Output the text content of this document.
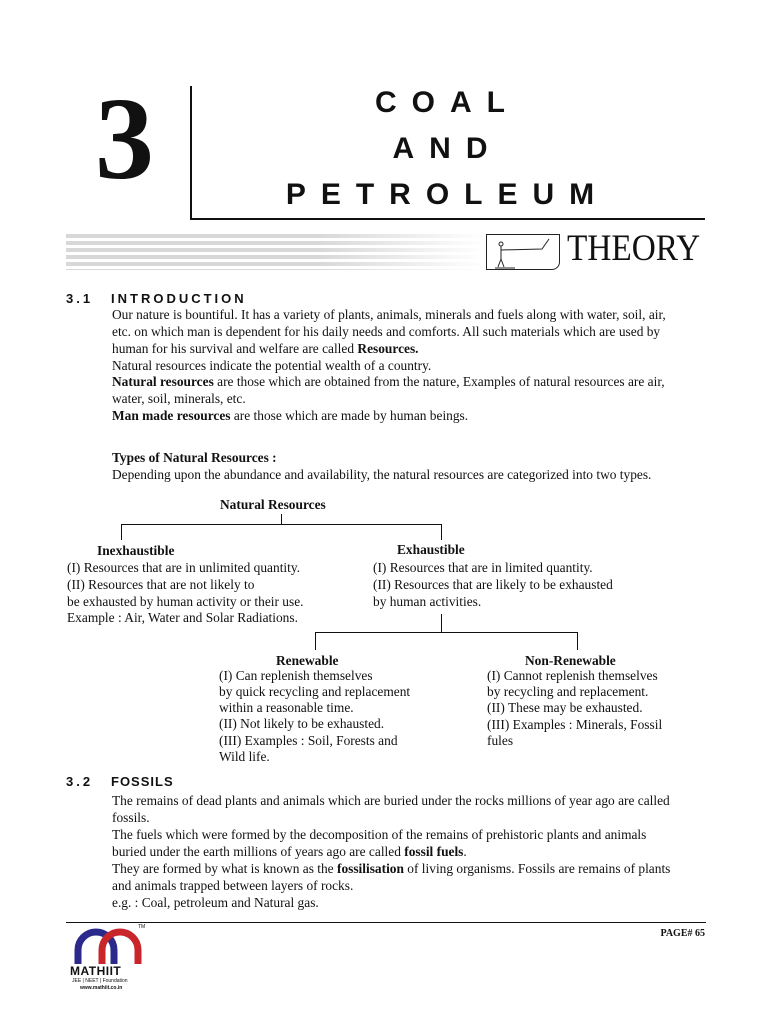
3	COAL
AND
PETROLEUM
THEORY
3.1 INTRODUCTION
Our nature is bountiful. It has a variety of plants, animals, minerals and fuels along with water, soil, air,
etc. on which man is dependent for his daily needs and comforts. All such materials which are used by
human for his survival and welfare are called Resources.
Natural resources indicate the potential wealth of a country.
Natural resources are those which are obtained from the nature, Examples of natural resources are air,
water, soil, minerals, etc.
Man made resources are those which are made by human beings.
Types of Natural Resources :
Depending upon the abundance and availability, the natural resources are categorized into two types.
Natural Resources
Inexhaustible	Exhaustible
(I) Resources that are in unlimited quantity.
(II) Resources that are not likely to
be exhausted by human activity or their use.
Example : Air, Water and Solar Radiations.
(I) Resources that are in limited quantity.
(II) Resources that are likely to be exhausted
by human activities.
Renewable	Non-Renewable
(I) Can replenish themselves
by quick recycling and replacement
within a reasonable time.
(II) Not likely to be exhausted.
(III) Examples : Soil, Forests and
Wild life.
(I) Cannot replenish themselves
by recycling and replacement.
(II) These may be exhausted.
(III) Examples : Minerals, Fossil
fules
3.2 FOSSILS
The remains of dead plants and animals which are buried under the rocks millions of year ago are called
fossils.
The fuels which were formed by the decomposition of the remains of prehistoric plants and animals
buried under the earth millions of years ago are called fossil fuels.
They are formed by what is known as the fossilisation of living organisms. Fossils are remains of plants
and animals trapped between layers of rocks.
e.g. : Coal, petroleum and Natural gas.
TM
MATHIIT
JEE | NEET | Foundation
www.mathiit.co.in
PAGE# 65
